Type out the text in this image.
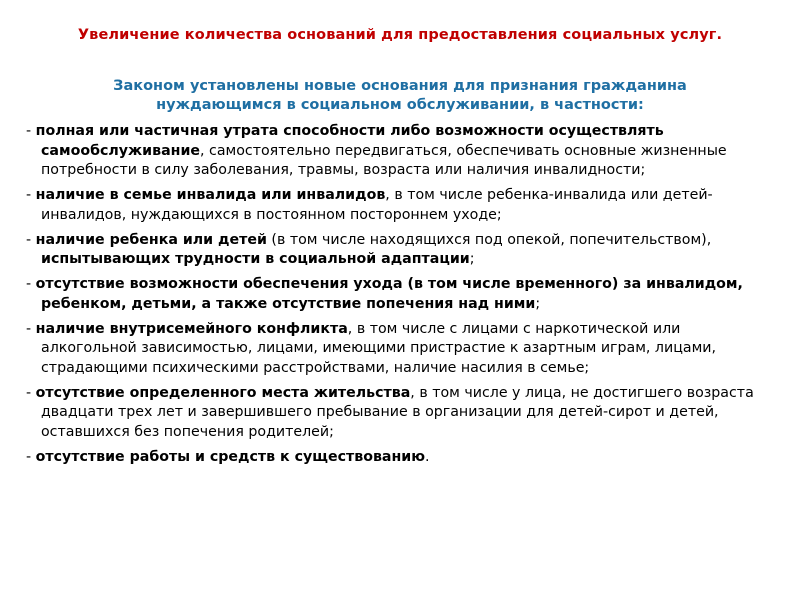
Увеличение количества оснований для предоставления социальных услуг.
Законом установлены новые основания для признания гражданина нуждающимся в социальном обслуживании, в частности:
- полная или частичная утрата способности либо возможности осуществлять самообслуживание, самостоятельно передвигаться, обеспечивать основные жизненные потребности в силу заболевания, травмы, возраста или наличия инвалидности;
- наличие в семье инвалида или инвалидов, в том числе ребенка-инвалида или детей-инвалидов, нуждающихся в постоянном постороннем уходе;
- наличие ребенка или детей (в том числе находящихся под опекой, попечительством), испытывающих трудности в социальной адаптации;
- отсутствие возможности обеспечения ухода (в том числе временного) за инвалидом, ребенком, детьми, а также отсутствие попечения над ними;
- наличие внутрисемейного конфликта, в том числе с лицами с наркотической или алкогольной зависимостью, лицами, имеющими пристрастие к азартным играм, лицами, страдающими психическими расстройствами, наличие насилия в семье;
- отсутствие определенного места жительства, в том числе у лица, не достигшего возраста двадцати трех лет и завершившего пребывание в организации для детей-сирот и детей, оставшихся без попечения родителей;
- отсутствие работы и средств к существованию.
